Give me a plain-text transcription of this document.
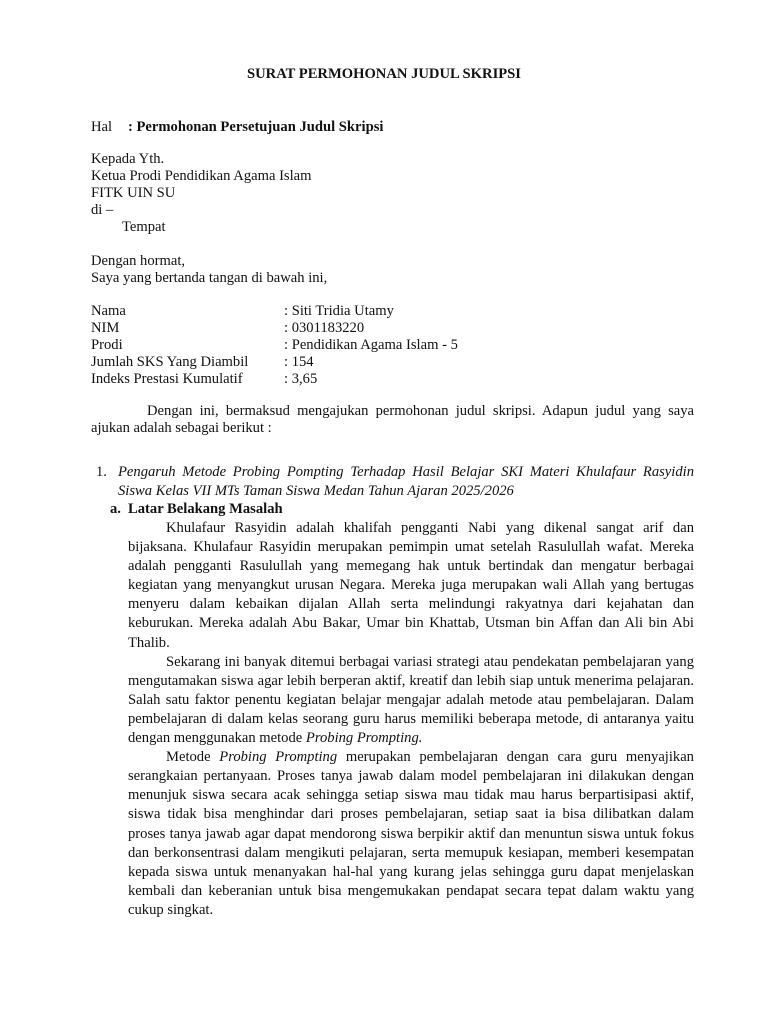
SURAT PERMOHONAN JUDUL SKRIPSI
Hal : Permohonan Persetujuan Judul Skripsi
Kepada Yth.
Ketua Prodi Pendidikan Agama Islam
FITK UIN SU
di –
Tempat
Dengan hormat,
Saya yang bertanda tangan di bawah ini,
Nama	: Siti Tridia Utamy
NIM	: 0301183220
Prodi	: Pendidikan Agama Islam - 5
Jumlah SKS Yang Diambil : 154
Indeks Prestasi Kumulatif	: 3,65
Dengan ini, bermaksud mengajukan permohonan judul skripsi. Adapun judul yang saya ajukan adalah sebagai berikut :
1. Pengaruh Metode Probing Pompting Terhadap Hasil Belajar SKI Materi Khulafaur Rasyidin Siswa Kelas VII MTs Taman Siswa Medan Tahun Ajaran 2025/2026
a. Latar Belakang Masalah

Khulafaur Rasyidin adalah khalifah pengganti Nabi yang dikenal sangat arif dan bijaksana. Khulafaur Rasyidin merupakan pemimpin umat setelah Rasulullah wafat. Mereka adalah pengganti Rasulullah yang memegang hak untuk bertindak dan mengatur berbagai kegiatan yang menyangkut urusan Negara. Mereka juga merupakan wali Allah yang bertugas menyeru dalam kebaikan dijalan Allah serta melindungi rakyatnya dari kejahatan dan keburukan. Mereka adalah Abu Bakar, Umar bin Khattab, Utsman bin Affan dan Ali bin Abi Thalib.

Sekarang ini banyak ditemui berbagai variasi strategi atau pendekatan pembelajaran yang mengutamakan siswa agar lebih berperan aktif, kreatif dan lebih siap untuk menerima pelajaran. Salah satu faktor penentu kegiatan belajar mengajar adalah metode atau pembelajaran. Dalam pembelajaran di dalam kelas seorang guru harus memiliki beberapa metode, di antaranya yaitu dengan menggunakan metode Probing Prompting.

Metode Probing Prompting merupakan pembelajaran dengan cara guru menyajikan serangkaian pertanyaan. Proses tanya jawab dalam model pembelajaran ini dilakukan dengan menunjuk siswa secara acak sehingga setiap siswa mau tidak mau harus berpartisipasi aktif, siswa tidak bisa menghindar dari proses pembelajaran, setiap saat ia bisa dilibatkan dalam proses tanya jawab agar dapat mendorong siswa berpikir aktif dan menuntun siswa untuk fokus dan berkonsentrasi dalam mengikuti pelajaran, serta memupuk kesiapan, memberi kesempatan kepada siswa untuk menanyakan hal-hal yang kurang jelas sehingga guru dapat menjelaskan kembali dan keberanian untuk bisa mengemukakan pendapat secara tepat dalam waktu yang cukup singkat.
